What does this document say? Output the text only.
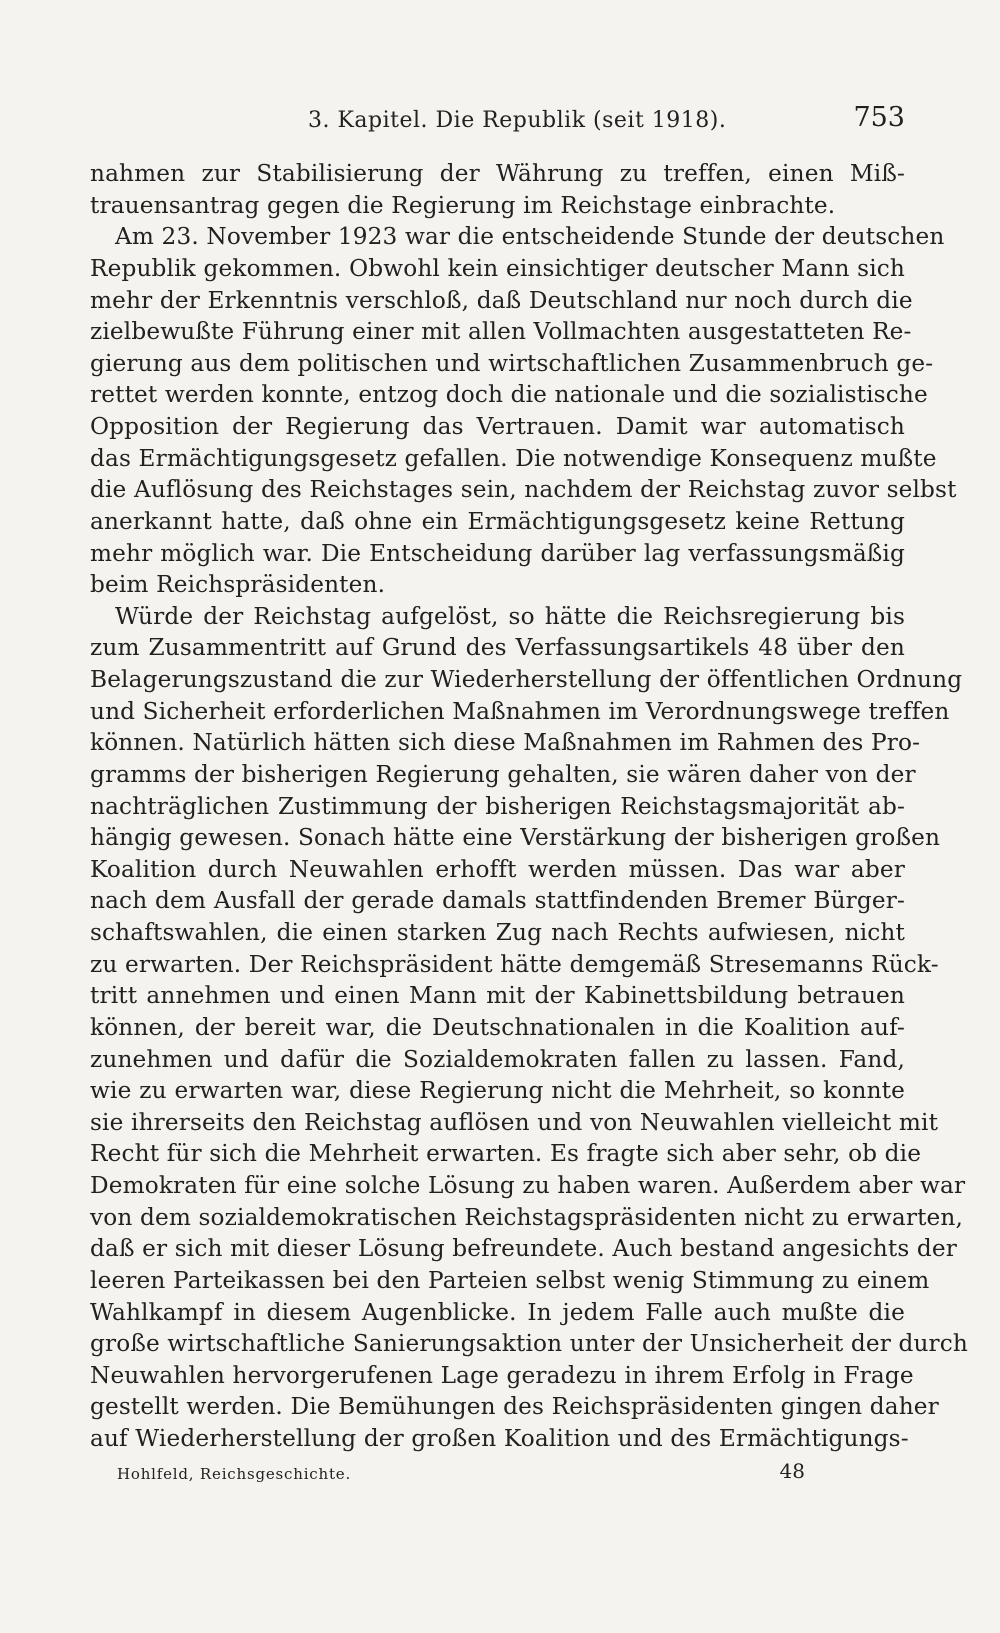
3. Kapitel. Die Republik (seit 1918).	753
nahmen zur Stabilisierung der Währung zu treffen, einen Miß-
trauensantrag gegen die Regierung im Reichstage einbrachte.
Am 23. November 1923 war die entscheidende Stunde der deutschen
Republik gekommen. Obwohl kein einsichtiger deutscher Mann sich
mehr der Erkenntnis verschloß, daß Deutschland nur noch durch die
zielbewußte Führung einer mit allen Vollmachten ausgestatteten Re-
gierung aus dem politischen und wirtschaftlichen Zusammenbruch ge-
rettet werden konnte, entzog doch die nationale und die sozialistische
Opposition der Regierung das Vertrauen. Damit war automatisch
das Ermächtigungsgesetz gefallen. Die notwendige Konsequenz mußte
die Auflösung des Reichstages sein, nachdem der Reichstag zuvor selbst
anerkannt hatte, daß ohne ein Ermächtigungsgesetz keine Rettung
mehr möglich war. Die Entscheidung darüber lag verfassungsmäßig
beim Reichspräsidenten.
Würde der Reichstag aufgelöst, so hätte die Reichsregierung bis
zum Zusammentritt auf Grund des Verfassungsartikels 48 über den
Belagerungszustand die zur Wiederherstellung der öffentlichen Ordnung
und Sicherheit erforderlichen Maßnahmen im Verordnungswege treffen
können. Natürlich hätten sich diese Maßnahmen im Rahmen des Pro-
gramms der bisherigen Regierung gehalten, sie wären daher von der
nachträglichen Zustimmung der bisherigen Reichstagsmajorität ab-
hängig gewesen. Sonach hätte eine Verstärkung der bisherigen großen
Koalition durch Neuwahlen erhofft werden müssen. Das war aber
nach dem Ausfall der gerade damals stattfindenden Bremer Bürger-
schaftswahlen, die einen starken Zug nach Rechts aufwiesen, nicht
zu erwarten. Der Reichspräsident hätte demgemäß Stresemanns Rück-
tritt annehmen und einen Mann mit der Kabinettsbildung betrauen
können, der bereit war, die Deutschnationalen in die Koalition auf-
zunehmen und dafür die Sozialdemokraten fallen zu lassen. Fand,
wie zu erwarten war, diese Regierung nicht die Mehrheit, so konnte
sie ihrerseits den Reichstag auflösen und von Neuwahlen vielleicht mit
Recht für sich die Mehrheit erwarten. Es fragte sich aber sehr, ob die
Demokraten für eine solche Lösung zu haben waren. Außerdem aber war
von dem sozialdemokratischen Reichstagspräsidenten nicht zu erwarten,
daß er sich mit dieser Lösung befreundete. Auch bestand angesichts der
leeren Parteikassen bei den Parteien selbst wenig Stimmung zu einem
Wahlkampf in diesem Augenblicke. In jedem Falle auch mußte die
große wirtschaftliche Sanierungsaktion unter der Unsicherheit der durch
Neuwahlen hervorgerufenen Lage geradezu in ihrem Erfolg in Frage
gestellt werden. Die Bemühungen des Reichspräsidenten gingen daher
auf Wiederherstellung der großen Koalition und des Ermächtigungs-
Hohlfeld, Reichsgeschichte.	48
